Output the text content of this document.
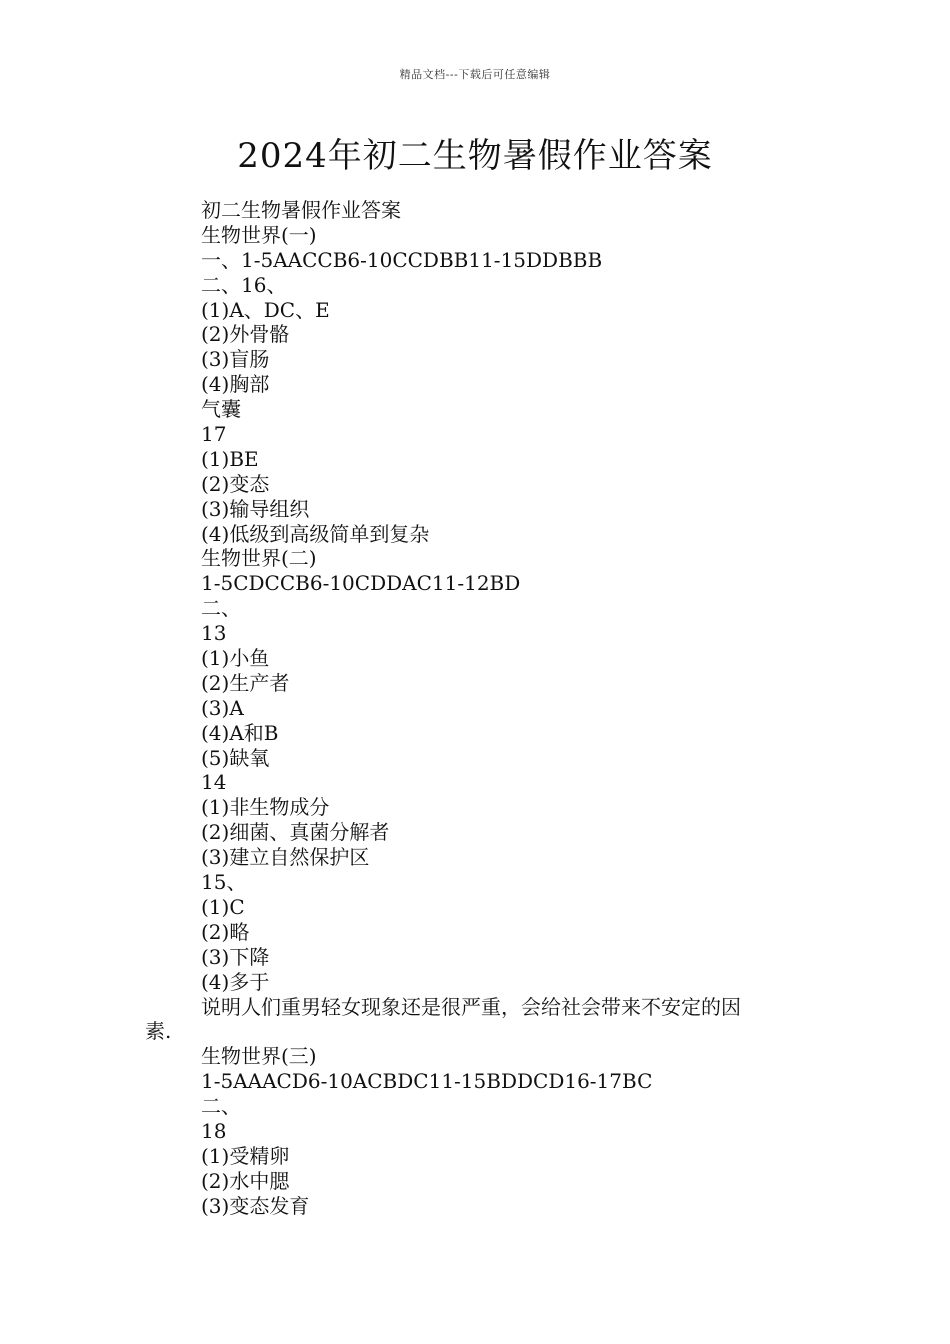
精品文档---下载后可任意编辑
2024年初二生物暑假作业答案
初二生物暑假作业答案
生物世界(一)
一、1-5AACCB6-10CCDBB11-15DDBBB
二、16、
(1)A、DC、E
(2)外骨骼
(3)盲肠
(4)胸部
气囊
17
(1)BE
(2)变态
(3)输导组织
(4)低级到高级简单到复杂
生物世界(二)
1-5CDCCB6-10CDDAC11-12BD
二、
13
(1)小鱼
(2)生产者
(3)A
(4)A和B
(5)缺氧
14
(1)非生物成分
(2)细菌、真菌分解者
(3)建立自然保护区
15、
(1)C
(2)略
(3)下降
(4)多于
说明人们重男轻女现象还是很严重，会给社会带来不安定的因
素.
生物世界(三)
1-5AAACD6-10ACBDC11-15BDDCD16-17BC
二、
18
(1)受精卵
(2)水中腮
(3)变态发育
